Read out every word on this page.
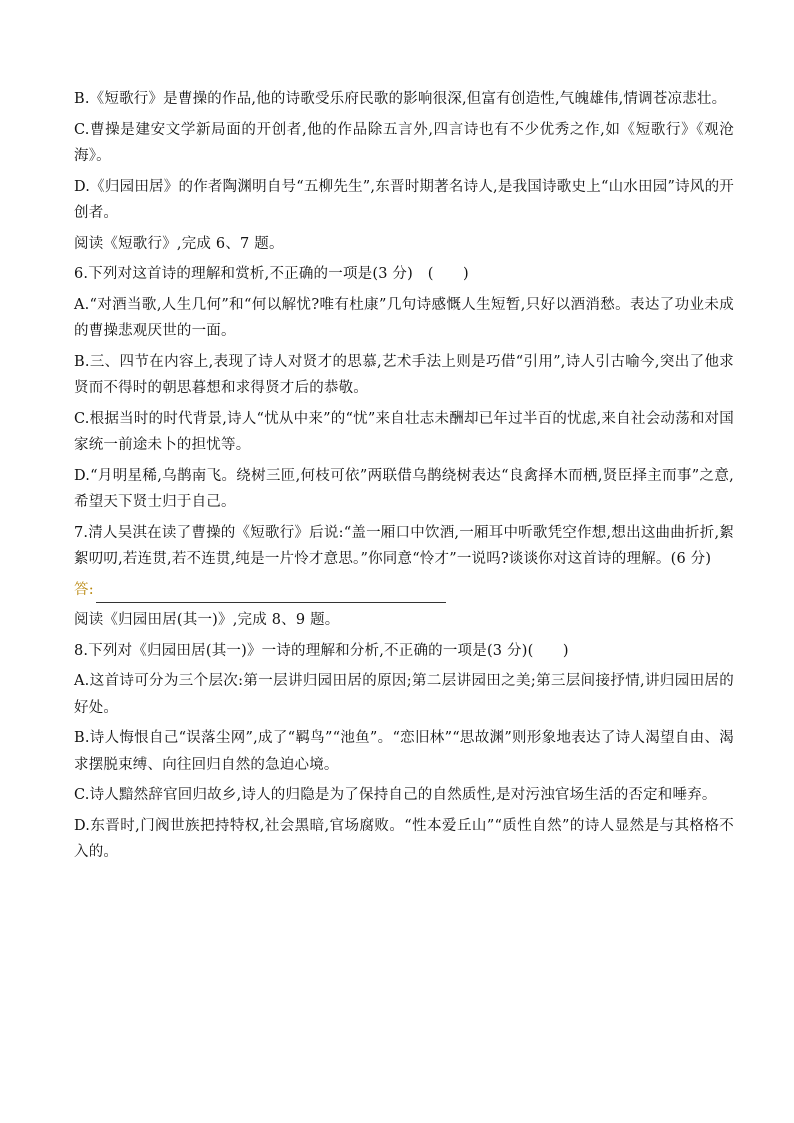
B.《短歌行》是曹操的作品,他的诗歌受乐府民歌的影响很深,但富有创造性,气魄雄伟,情调苍凉悲壮。

C.曹操是建安文学新局面的开创者,他的作品除五言外,四言诗也有不少优秀之作,如《短歌行》《观沧海》。

D.《归园田居》的作者陶渊明自号“五柳先生”,东晋时期著名诗人,是我国诗歌史上“山水田园”诗风的开创者。

阅读《短歌行》,完成 6、7 题。

6.下列对这首诗的理解和赏析,不正确的一项是(3 分)　(　　)

A.“对酒当歌,人生几何”和“何以解忧?唯有杜康”几句诗感慨人生短暂,只好以酒消愁。表达了功业未成的曹操悲观厌世的一面。

B.三、四节在内容上,表现了诗人对贤才的思慕,艺术手法上则是巧借“引用”,诗人引古喻今,突出了他求贤而不得时的朝思暮想和求得贤才后的恭敬。

C.根据当时的时代背景,诗人“忧从中来”的“忧”来自壮志未酬却已年过半百的忧虑,来自社会动荡和对国家统一前途未卜的担忧等。

D.“月明星稀,乌鹊南飞。绕树三匝,何枝可依”两联借乌鹊绕树表达“良禽择木而栖,贤臣择主而事”之意,希望天下贤士归于自己。

7.清人吴淇在读了曹操的《短歌行》后说:“盖一厢口中饮酒,一厢耳中听歌凭空作想,想出这曲曲折折,絮絮叨叨,若连贯,若不连贯,纯是一片怜才意思。”你同意“怜才”一说吗?谈谈你对这首诗的理解。(6 分)

答:

阅读《归园田居(其一)》,完成 8、9 题。

8.下列对《归园田居(其一)》一诗的理解和分析,不正确的一项是(3 分)(　　)

A.这首诗可分为三个层次:第一层讲归园田居的原因;第二层讲园田之美;第三层间接抒情,讲归园田居的好处。

B.诗人悔恨自己“误落尘网”,成了“羁鸟”“池鱼”。“恋旧林”“思故渊”则形象地表达了诗人渴望自由、渴求摆脱束缚、向往回归自然的急迫心境。

C.诗人黯然辞官回归故乡,诗人的归隐是为了保持自己的自然质性,是对污浊官场生活的否定和唾弃。

D.东晋时,门阀世族把持特权,社会黑暗,官场腐败。“性本爱丘山”“质性自然”的诗人显然是与其格格不入的。
